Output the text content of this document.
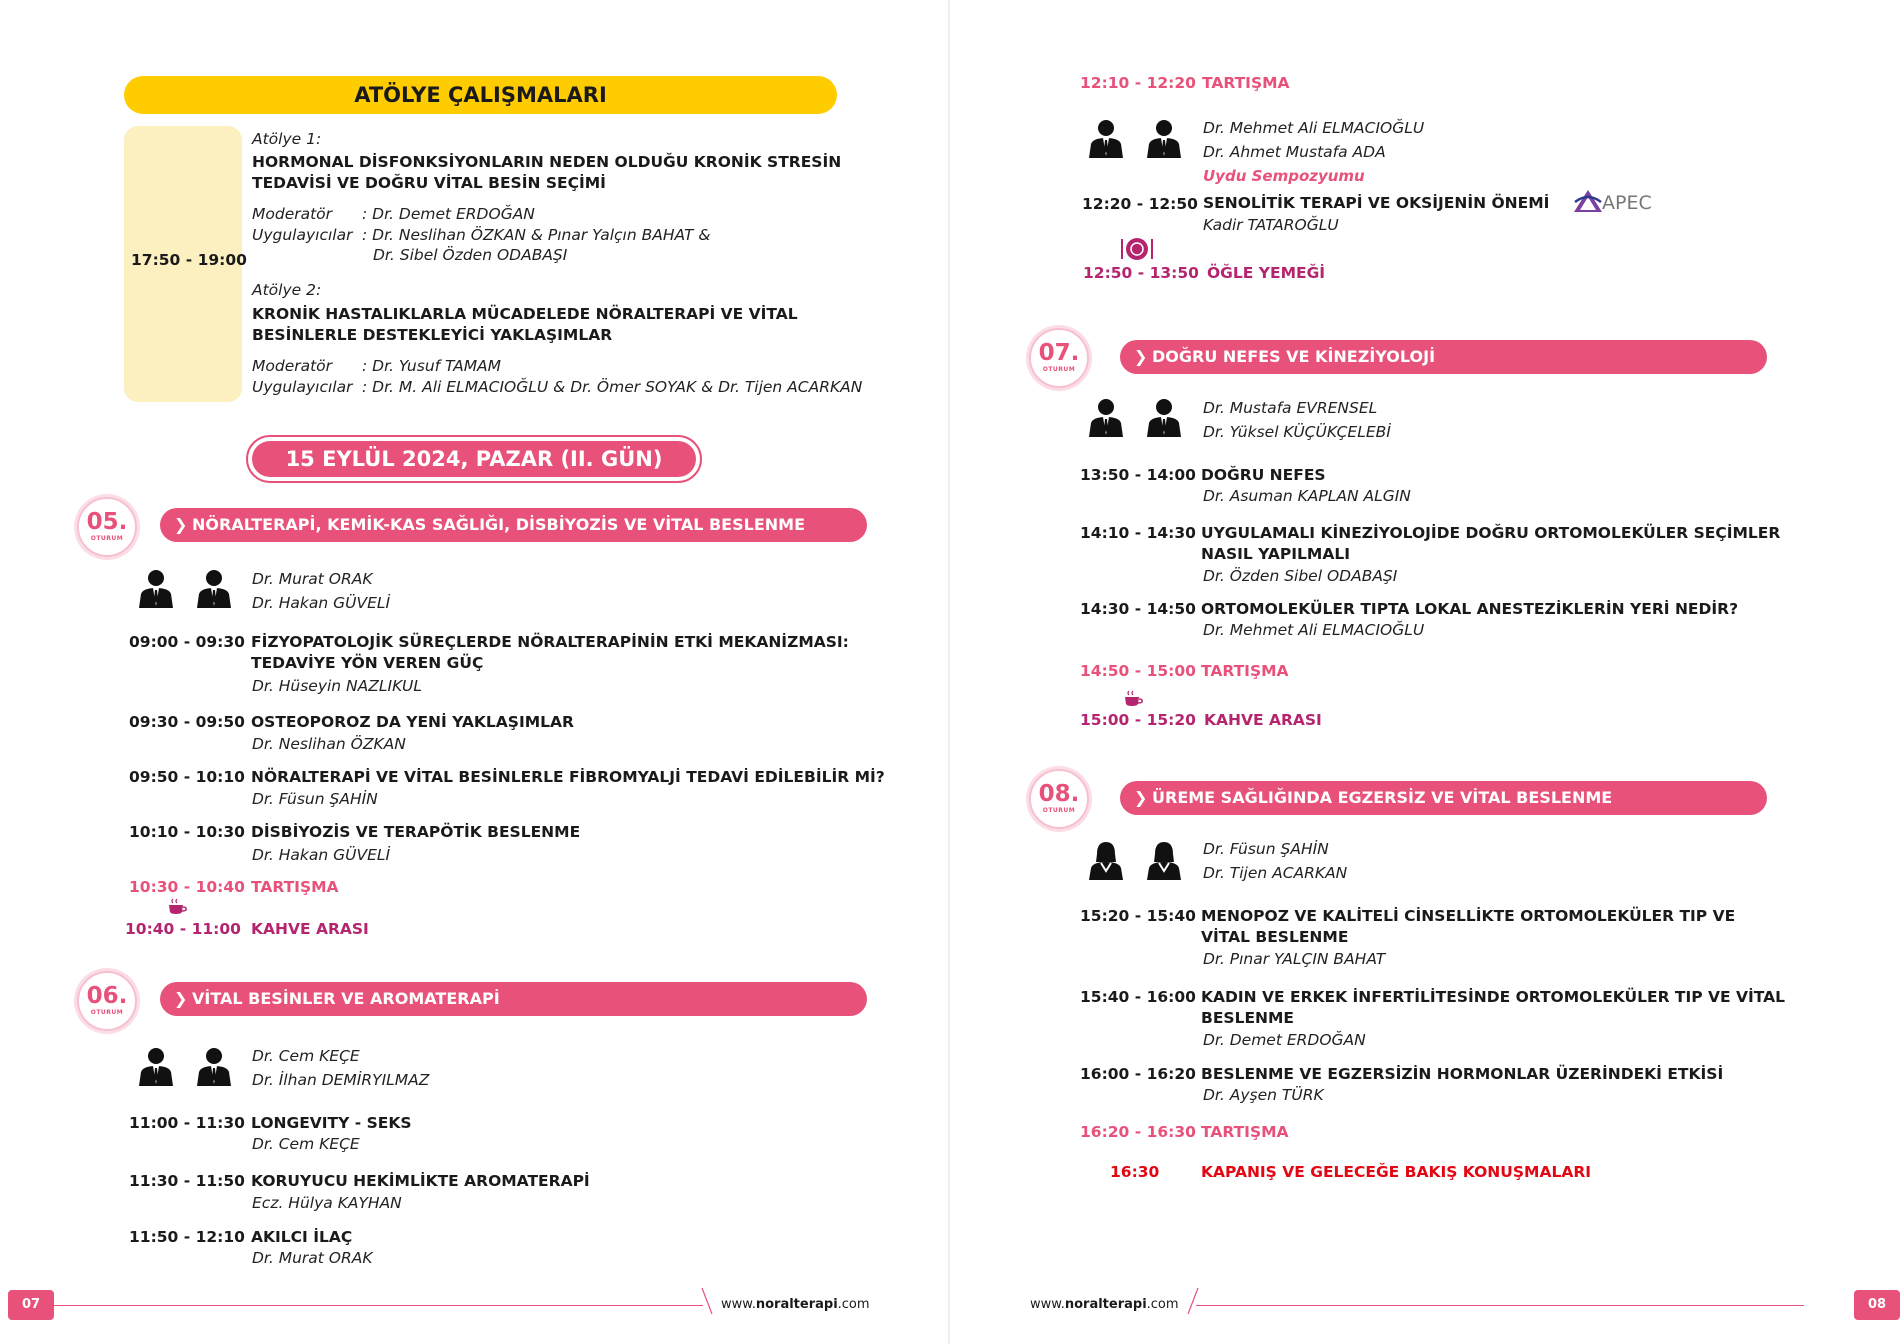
ATÖLYE ÇALIŞMALARI
17:50 - 19:00
Atölye 1:
HORMONAL DİSFONKSİYONLARIN NEDEN OLDUĞU KRONİK STRESİN
TEDAVİSİ VE DOĞRU VİTAL BESİN SEÇİMİ
Moderatör : Dr. Demet ERDOĞAN
Uygulayıcılar : Dr. Neslihan ÖZKAN & Pınar Yalçın BAHAT &
Dr. Sibel Özden ODABAŞI
Atölye 2:
KRONİK HASTALIKLARLA MÜCADELEDE NÖRALTERAPİ VE VİTAL
BESİNLERLE DESTEKLEYİCİ YAKLAŞIMLAR
Moderatör : Dr. Yusuf TAMAM
Uygulayıcılar : Dr. M. Ali ELMACIOĞLU & Dr. Ömer SOYAK & Dr. Tijen ACARKAN
15 EYLÜL 2024, PAZAR (II. GÜN)
❯ NÖRALTERAPİ, KEMİK-KAS SAĞLIĞI, DİSBİYOZİS VE VİTAL BESLENME
05.
OTURUM
Dr. Murat ORAK
Dr. Hakan GÜVELİ
09:00 - 09:30 FİZYOPATOLOJİK SÜREÇLERDE NÖRALTERAPİNİN ETKİ MEKANİZMASI:
TEDAVİYE YÖN VEREN GÜÇ
Dr. Hüseyin NAZLIKUL
09:30 - 09:50 OSTEOPOROZ DA YENİ YAKLAŞIMLAR
Dr. Neslihan ÖZKAN
09:50 - 10:10 NÖRALTERAPİ VE VİTAL BESİNLERLE FİBROMYALJİ TEDAVİ EDİLEBİLİR Mİ?
Dr. Füsun ŞAHİN
10:10 - 10:30 DİSBİYOZİS VE TERAPÖTİK BESLENME
Dr. Hakan GÜVELİ
10:30 - 10:40 TARTIŞMA
10:40 - 11:00 KAHVE ARASI
❯ VİTAL BESİNLER VE AROMATERAPİ
06.
OTURUM
Dr. Cem KEÇE
Dr. İlhan DEMİRYILMAZ
11:00 - 11:30 LONGEVITY - SEKS
Dr. Cem KEÇE
11:30 - 11:50 KORUYUCU HEKİMLİKTE AROMATERAPİ
Ecz. Hülya KAYHAN
11:50 - 12:10 AKILCI İLAÇ
Dr. Murat ORAK
07	www.noralterapi.com
12:10 - 12:20 TARTIŞMA
Dr. Mehmet Ali ELMACIOĞLU
Dr. Ahmet Mustafa ADA
Uydu Sempozyumu
12:20 - 12:50 SENOLİTİK TERAPİ VE OKSİJENİN ÖNEMİ
Kadir TATAROĞLU
APEC
12:50 - 13:50 ÖĞLE YEMEĞİ
❯ DOĞRU NEFES VE KİNEZİYOLOJİ
07.
OTURUM
Dr. Mustafa EVRENSEL
Dr. Yüksel KÜÇÜKÇELEBİ
13:50 - 14:00 DOĞRU NEFES
Dr. Asuman KAPLAN ALGIN
14:10 - 14:30 UYGULAMALI KİNEZİYOLOJİDE DOĞRU ORTOMOLEKÜLER SEÇİMLER
NASIL YAPILMALI
Dr. Özden Sibel ODABAŞI
14:30 - 14:50 ORTOMOLEKÜLER TIPTA LOKAL ANESTEZİKLERİN YERİ NEDİR?
Dr. Mehmet Ali ELMACIOĞLU
14:50 - 15:00 TARTIŞMA
15:00 - 15:20 KAHVE ARASI
❯ ÜREME SAĞLIĞINDA EGZERSİZ VE VİTAL BESLENME
08.
OTURUM
Dr. Füsun ŞAHİN
Dr. Tijen ACARKAN
15:20 - 15:40 MENOPOZ VE KALİTELİ CİNSELLİKTE ORTOMOLEKÜLER TIP VE
VİTAL BESLENME
Dr. Pınar YALÇIN BAHAT
15:40 - 16:00 KADIN VE ERKEK İNFERTİLİTESİNDE ORTOMOLEKÜLER TIP VE VİTAL
BESLENME
Dr. Demet ERDOĞAN
16:00 - 16:20 BESLENME VE EGZERSİZİN HORMONLAR ÜZERİNDEKİ ETKİSİ
Dr. Ayşen TÜRK
16:20 - 16:30 TARTIŞMA
16:30	KAPANIŞ VE GELECEĞE BAKIŞ KONUŞMALARI
www.noralterapi.com	08
